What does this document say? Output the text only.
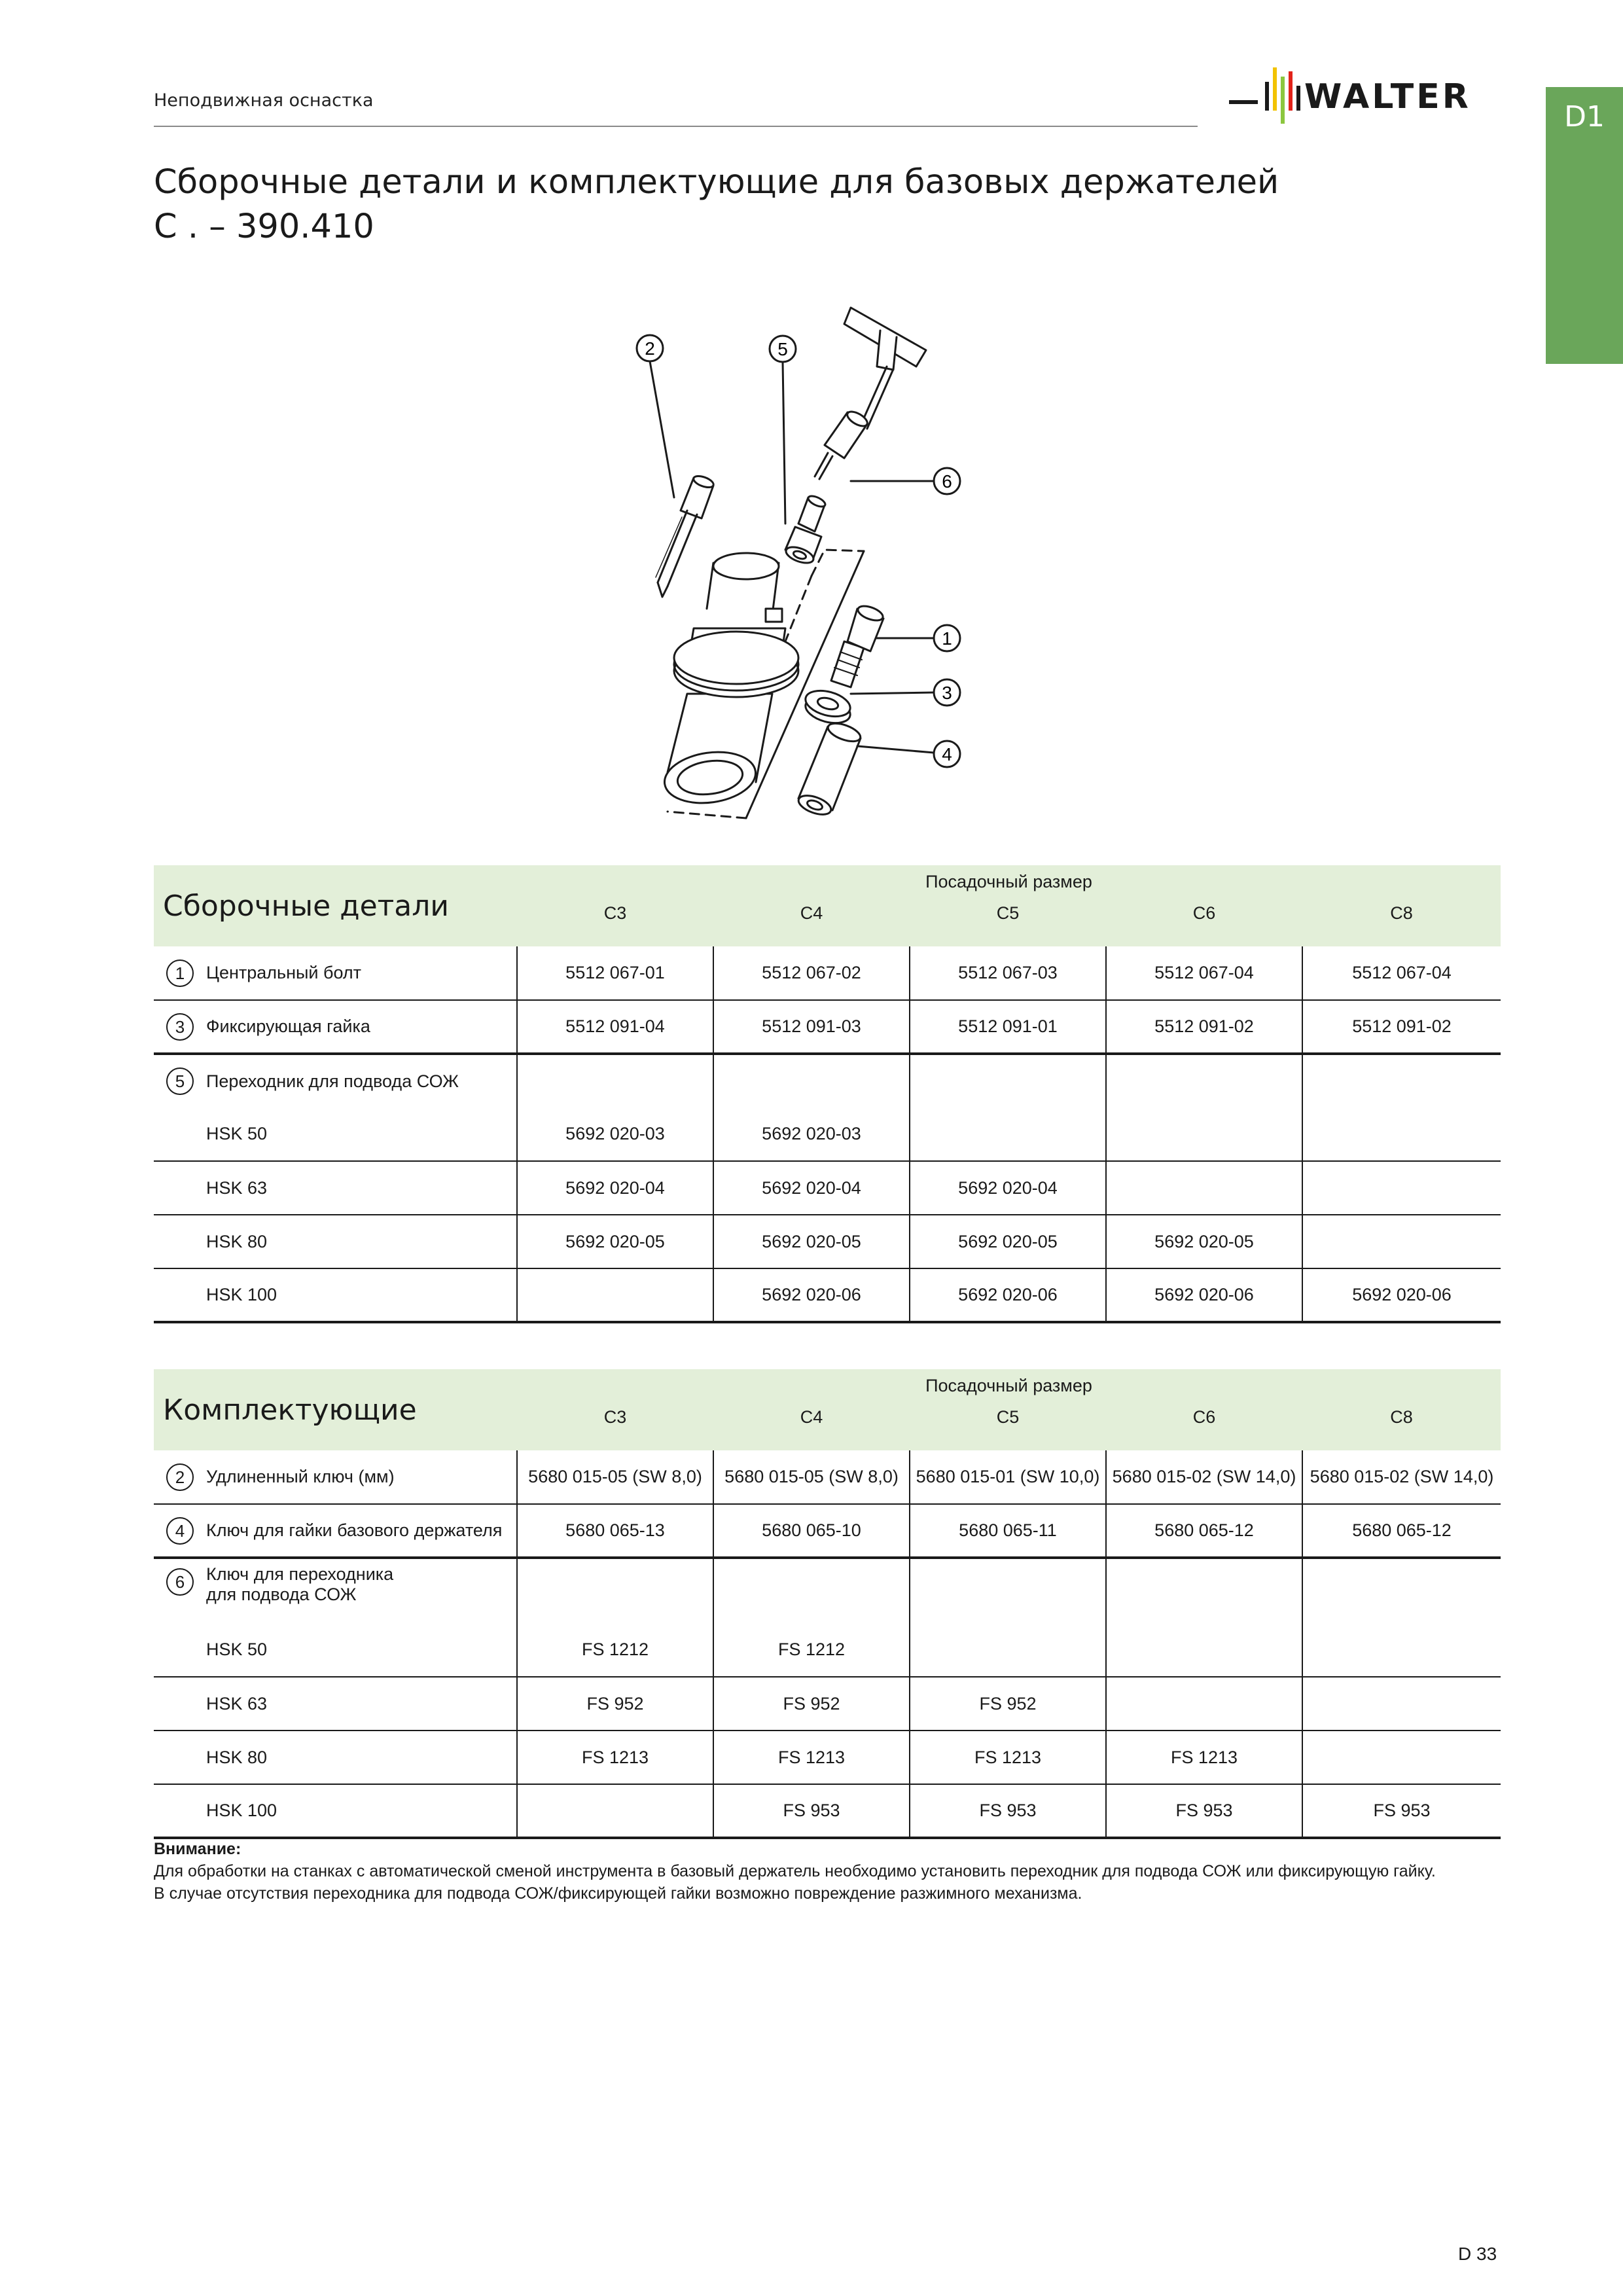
Неподвижная оснастка	WALTER
D1
Сборочные детали и комплектующие для базовых держателей
C . – 390.410
2	5
6
1
3
4
Сборочные детали		Посадочный размер				
		C3	C4	C5	C6	C8
1	Центральный болт	5512 067-01	5512 067-02	5512 067-03	5512 067-04	5512 067-04
3	Фиксирующая гайка	5512 091-04	5512 091-03	5512 091-01	5512 091-02	5512 091-02
5	Переходник для подвода СОЖ					
	HSK 50	5692 020-03	5692 020-03			
	HSK 63	5692 020-04	5692 020-04	5692 020-04		
	HSK 80	5692 020-05	5692 020-05	5692 020-05	5692 020-05	
	HSK 100		5692 020-06	5692 020-06	5692 020-06	5692 020-06
Комплектующие		Посадочный размер				
		C3	C4	C5	C6	C8
2	Удлиненный ключ (мм)	5680 015-05 (SW 8,0)	5680 015-05 (SW 8,0)	5680 015-01 (SW 10,0)	5680 015-02 (SW 14,0)	5680 015-02 (SW 14,0)
4	Ключ для гайки базового держателя	5680 065-13	5680 065-10	5680 065-11	5680 065-12	5680 065-12
6	Ключ для переходника
для подвода СОЖ					

	HSK 50	FS 1212	FS 1212			
	HSK 63	FS 952	FS 952	FS 952		
	HSK 80	FS 1213	FS 1213	FS 1213	FS 1213	
	HSK 100		FS 953	FS 953	FS 953	FS 953
Внимание:
Для обработки на станках с автоматической сменой инструмента в базовый держатель необходимо установить переходник для подвода СОЖ или фиксирующую гайку.
В случае отсутствия переходника для подвода СОЖ/фиксирующей гайки возможно повреждение разжимного механизма.
D 33
